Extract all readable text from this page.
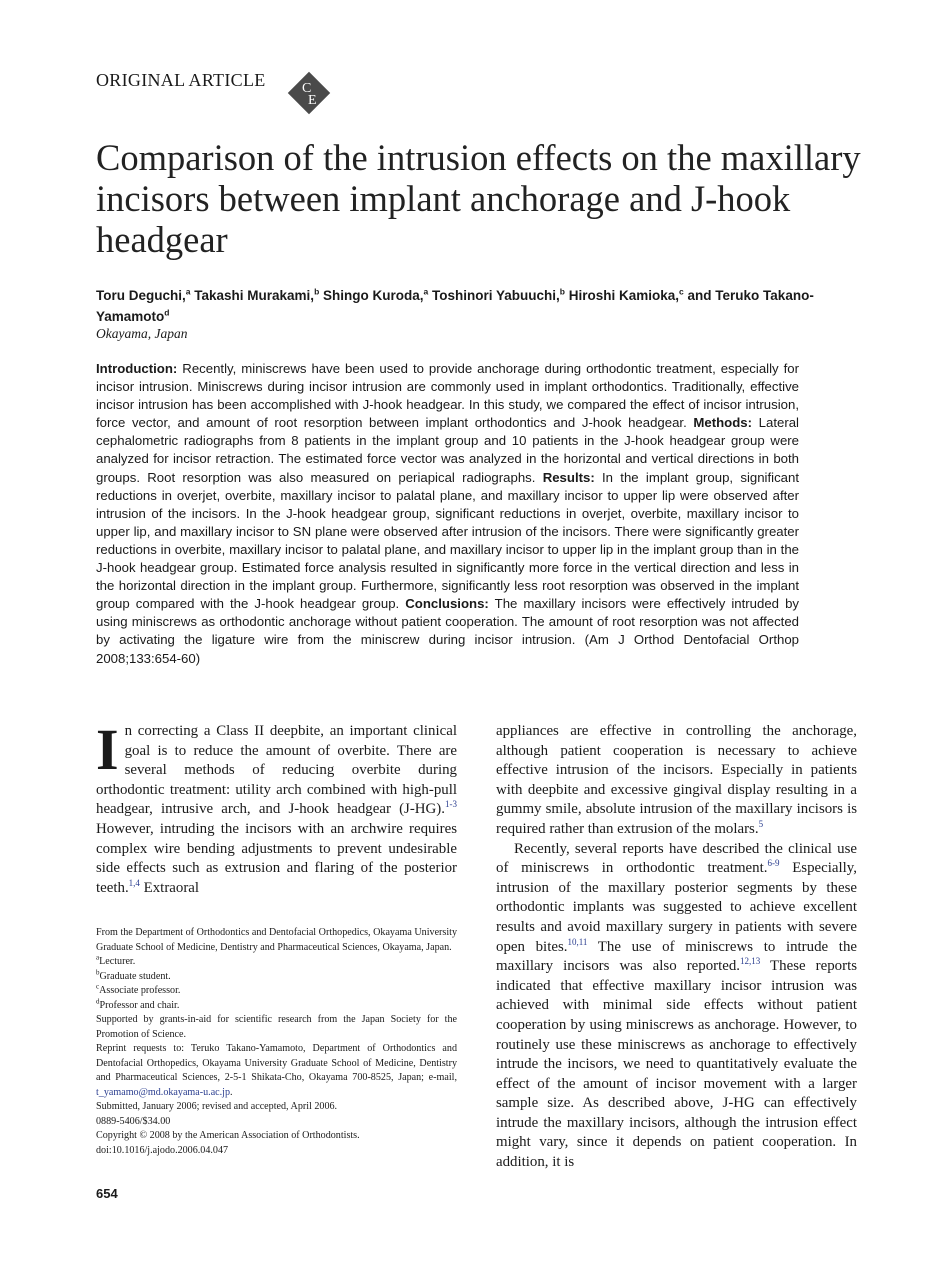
ORIGINAL ARTICLE	C
E
Comparison of the intrusion effects on the maxillary incisors between implant anchorage and J-hook headgear
Toru Deguchi,$^a$ Takashi Murakami,$^b$ Shingo Kuroda,$^a$ Toshinori Yabuuchi,$^b$ Hiroshi Kamioka,$^c$ and Teruko Takano-Yamamoto$^d$
Okayama, Japan

Introduction: Recently, miniscrews have been used to provide anchorage during orthodontic treatment, especially for incisor intrusion. Miniscrews during incisor intrusion are commonly used in implant orthodontics. Traditionally, effective incisor intrusion has been accomplished with J-hook headgear. In this study, we compared the effect of incisor intrusion, force vector, and amount of root resorption between implant orthodontics and J-hook headgear. Methods: Lateral cephalometric radiographs from 8 patients in the implant group and 10 patients in the J-hook headgear group were analyzed for incisor retraction. The estimated force vector was analyzed in the horizontal and vertical directions in both groups. Root resorption was also measured on periapical radiographs. Results: In the implant group, significant reductions in overjet, overbite, maxillary incisor to palatal plane, and maxillary incisor to upper lip were observed after intrusion of the incisors. In the J-hook headgear group, significant reductions in overjet, overbite, maxillary incisor to upper lip, and maxillary incisor to SN plane were observed after intrusion of the incisors. There were significantly greater reductions in overbite, maxillary incisor to palatal plane, and maxillary incisor to upper lip in the implant group than in the J-hook headgear group. Estimated force analysis resulted in significantly more force in the vertical direction and less in the horizontal direction in the implant group. Furthermore, significantly less root resorption was observed in the implant group compared with the J-hook headgear group. Conclusions: The maxillary incisors were effectively intruded by using miniscrews as orthodontic anchorage without patient cooperation. The amount of root resorption was not affected by activating the ligature wire from the miniscrew during incisor intrusion. (Am J Orthod Dentofacial Orthop 2008;133:654-60)

In correcting a Class II deepbite, an important clinical goal is to reduce the amount of overbite. There are several methods of reducing overbite during orthodontic treatment: utility arch combined with high-pull headgear, intrusive arch, and J-hook headgear (J-HG).$^{1-3}$ However, intruding the incisors with an archwire requires complex wire bending adjustments to prevent undesirable side effects such as extrusion and flaring of the posterior teeth.$^{1,4}$ Extraoral

From the Department of Orthodontics and Dentofacial Orthopedics, Okayama University Graduate School of Medicine, Dentistry and Pharmaceutical Sciences, Okayama, Japan.
$^a$Lecturer.
$^b$Graduate student.
$^c$Associate professor.
$^d$Professor and chair.
Supported by grants-in-aid for scientific research from the Japan Society for the Promotion of Science.
Reprint requests to: Teruko Takano-Yamamoto, Department of Orthodontics and Dentofacial Orthopedics, Okayama University Graduate School of Medicine, Dentistry and Pharmaceutical Sciences, 2-5-1 Shikata-Cho, Okayama 700-8525, Japan; e-mail, t_yamamo@md.okayama-u.ac.jp.
Submitted, January 2006; revised and accepted, April 2006.
0889-5406/$34.00
Copyright © 2008 by the American Association of Orthodontists.
doi:10.1016/j.ajodo.2006.04.047

appliances are effective in controlling the anchorage, although patient cooperation is necessary to achieve effective intrusion of the incisors. Especially in patients with deepbite and excessive gingival display resulting in a gummy smile, absolute intrusion of the maxillary incisors is required rather than extrusion of the molars.$^5$

Recently, several reports have described the clinical use of miniscrews in orthodontic treatment.$^{6-9}$ Especially, intrusion of the maxillary posterior segments by these orthodontic implants was suggested to achieve excellent results and avoid maxillary surgery in patients with severe open bites.$^{10,11}$ The use of miniscrews to intrude the maxillary incisors was also reported.$^{12,13}$ These reports indicated that effective maxillary incisor intrusion was achieved with minimal side effects without patient cooperation by using miniscrews as anchorage. However, to routinely use these miniscrews as anchorage to effectively intrude the incisors, we need to quantitatively evaluate the effect of the amount of incisor movement with a larger sample size. As described above, J-HG can effectively intrude the maxillary incisors, although the intrusion effect might vary, since it depends on patient cooperation. In addition, it is

654
